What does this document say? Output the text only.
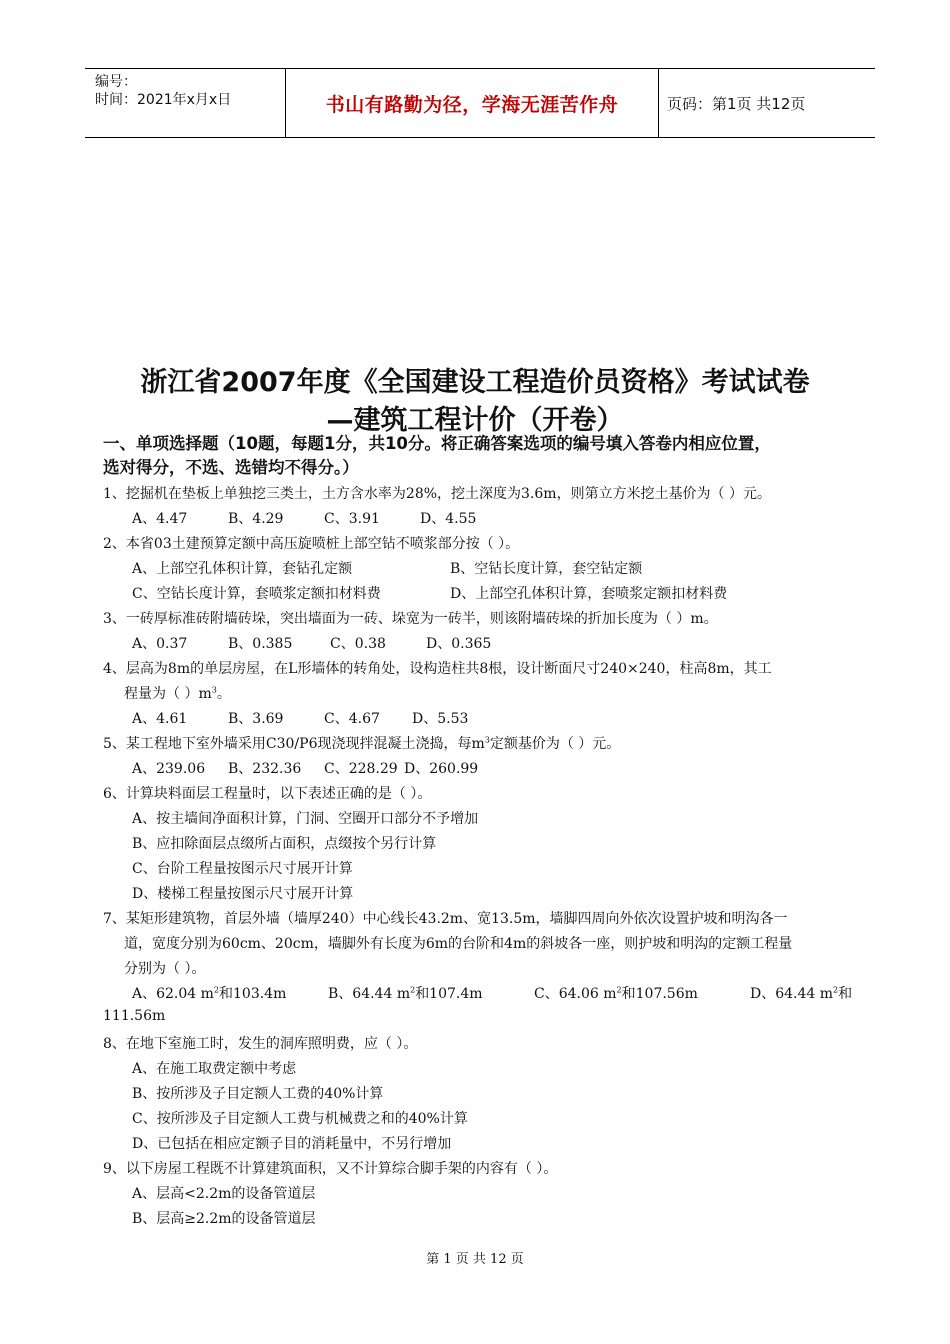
编号：
时间：2021年x月x日	书山有路勤为径，学海无涯苦作舟	页码：第1页 共12页
浙江省2007年度《全国建设工程造价员资格》考试试卷
—建筑工程计价（开卷）
一、单项选择题（10题，每题1分，共10分。将正确答案选项的编号填入答卷内相应位置，
选对得分，不选、选错均不得分。）
1、挖掘机在垫板上单独挖三类土，土方含水率为28%，挖土深度为3.6m，则第立方米挖土基价为（ ）元。
A、4.47	B、4.29	C、3.91	D、4.55
2、本省03土建预算定额中高压旋喷桩上部空钻不喷浆部分按（ ）。
A、上部空孔体积计算，套钻孔定额	B、空钻长度计算，套空钻定额
C、空钻长度计算，套喷浆定额扣材料费	D、上部空孔体积计算，套喷浆定额扣材料费
3、一砖厚标准砖附墙砖垛，突出墙面为一砖、垛宽为一砖半，则该附墙砖垛的折加长度为（ ）m。
A、0.37	B、0.385	C、0.38	D、0.365
4、层高为8m的单层房屋，在L形墙体的转角处，设构造柱共8根，设计断面尺寸240×240，柱高8m，其工
程量为（ ）$m^3$。
A、4.61	B、3.69	C、4.67 D、5.53
5、某工程地下室外墙采用C30/P6现浇现拌混凝土浇捣，每$m^3$定额基价为（ ）元。
A、239.06 B、232.36 C、228.29 D、260.99
6、计算块料面层工程量时，以下表述正确的是（ ）。
A、按主墙间净面积计算，门洞、空圈开口部分不予增加
B、应扣除面层点缀所占面积，点缀按个另行计算
C、台阶工程量按图示尺寸展开计算
D、楼梯工程量按图示尺寸展开计算
7、某矩形建筑物，首层外墙（墙厚240）中心线长43.2m、宽13.5m，墙脚四周向外依次设置护坡和明沟各一
道，宽度分别为60cm、20cm，墙脚外有长度为6m的台阶和4m的斜坡各一座，则护坡和明沟的定额工程量
分别为（ ）。
A、62.04 $m^2$和103.4m	B、64.44 $m^2$和107.4m	C、64.06 $m^2$和107.56m	D、64.44 $m^2$和
111.56m
8、在地下室施工时，发生的洞库照明费，应（ ）。
A、在施工取费定额中考虑
B、按所涉及子目定额人工费的40%计算
C、按所涉及子目定额人工费与机械费之和的40%计算
D、已包括在相应定额子目的消耗量中，不另行增加
9、以下房屋工程既不计算建筑面积，又不计算综合脚手架的内容有（ ）。
A、层高<2.2m的设备管道层
B、层高≥2.2m的设备管道层
第 1 页 共 12 页
